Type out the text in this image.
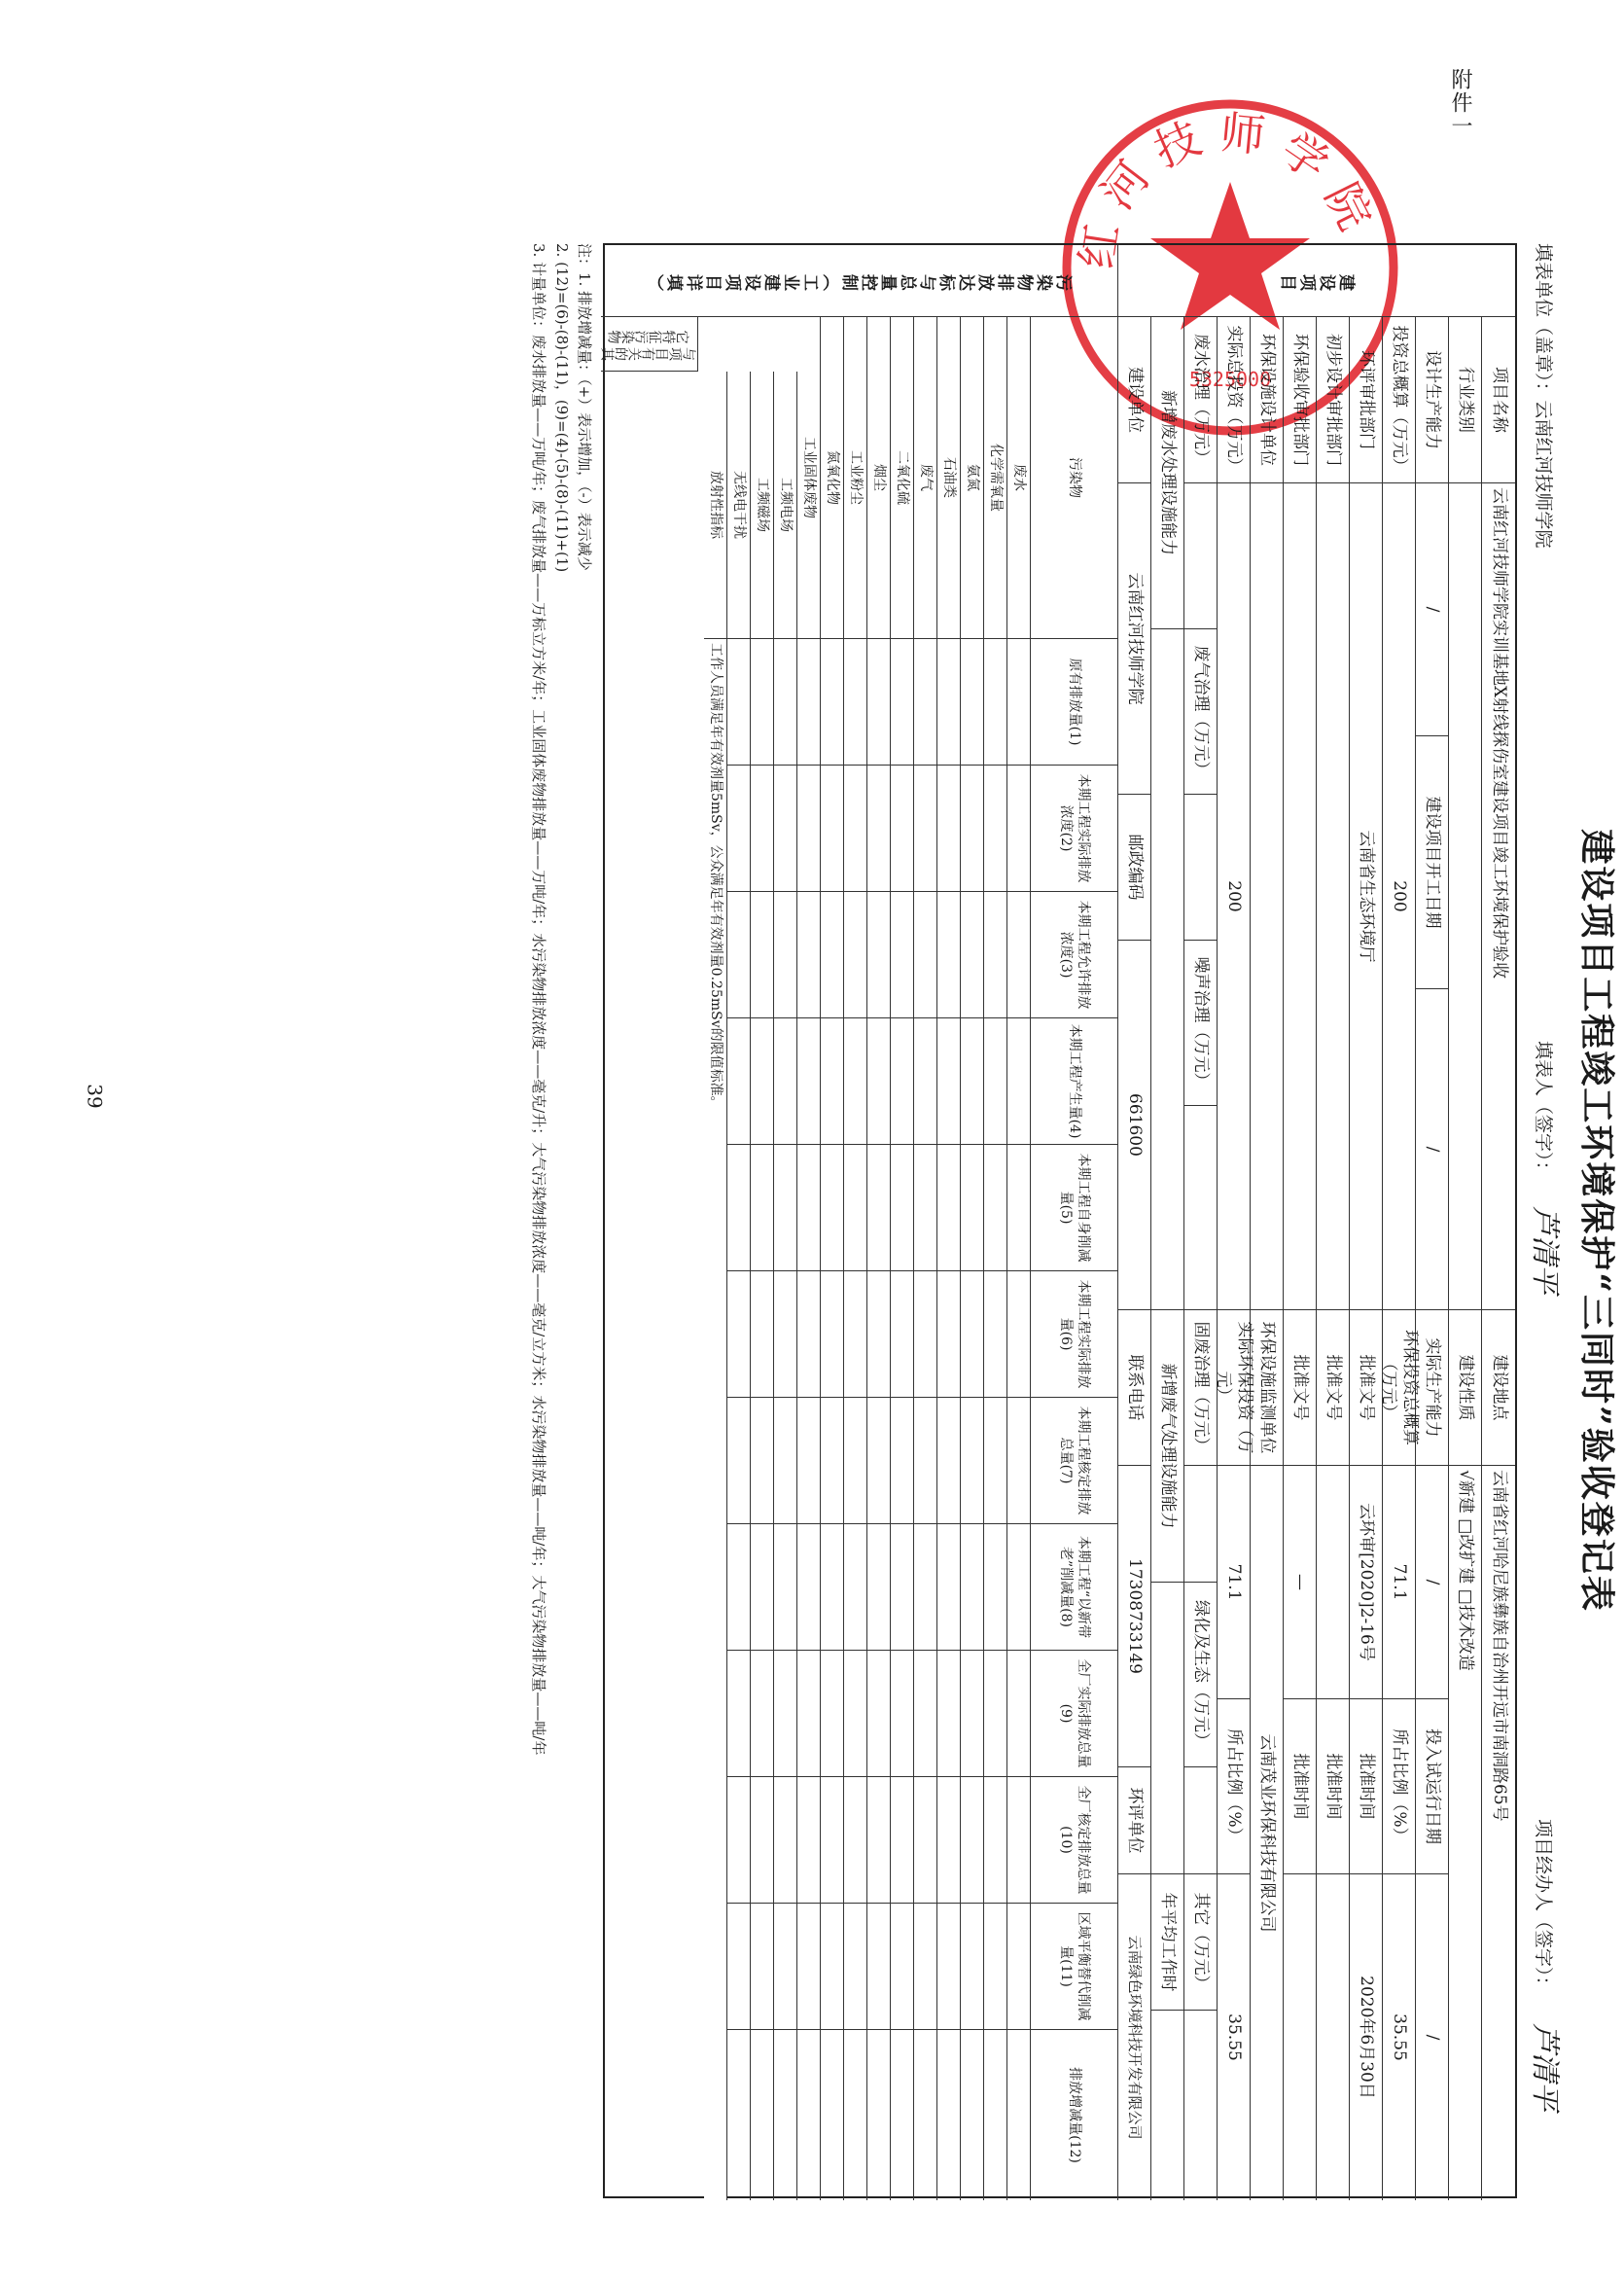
附件一
红 河 技 师 学 院
5325000
建设项目工程竣工环境保护“三同时”验收登记表
填表单位（盖章）：云南红河技师学院
填表人（签字）：
芦清平
项目经办人（签字）：
芦清平
建设项目
项目名称
云南红河技师学院实训基地X射线探伤室建设项目竣工环境保护验收
建设地点
云南省红河哈尼族彝族自治州开远市南洞路65号
行业类别
建设性质
√新建 □改扩建 □技术改造
设计生产能力
/
建设项目开工日期
/
实际生产能力
/
投入试运行日期
/
投资总概算（万元）
200
环保投资总概算（万元）
71.1
所占比例（%）
35.55
环评审批部门
云南省生态环境厅
批准文号
云环审[2020]2-16号
批准时间
2020年6月30日
初步设计审批部门
批准文号
批准时间
环保验收审批部门
批准文号
—
批准时间
环保设施设计单位
环保设施监测单位
云南茂业环保科技有限公司
实际总投资（万元）
200
实际环保投资（万元）
71.1
所占比例（%）
35.55
废水治理（万元）
废气治理（万元）
噪声治理（万元）
固废治理（万元）
绿化及生态（万元）
其它（万元）
新增废水处理设施能力
新增废气处理设施能力
年平均工作时
建设单位
云南红河技师学院
邮政编码
661600
联系电话
17308733149
环评单位
云南绿色环境科技开发有限公司
污染物排放达标与总量控制（工业建设项目详填）
污染物
原有排放量(1)
本期工程实际排放浓度(2)
本期工程允许排放浓度(3)
本期工程产生量(4)
本期工程自身削减量(5)
本期工程实际排放量(6)
本期工程核定排放总量(7)
本期工程“以新带老”削减量(8)
全厂实际排放总量(9)
全厂核定排放总量(10)
区域平衡替代削减量(11)
排放增减量(12)
与项目有关的其它特征污染物
废水
化学需氧量
氨氮
石油类
废气
二氧化硫
烟尘
工业粉尘
氮氧化物
工业固体废物
工频电场
工频磁场
无线电干扰
放射性指标
工作人员满足年有效剂量5mSv，公众满足年有效剂量0.25mSv的限值标准。
注：1. 排放增减量：（+）表示增加，（-）表示减少
2. (12)=(6)-(8)-(11)，(9)=(4)-(5)-(8)-(11)+(1)
3. 计量单位：废水排放量——万吨/年；废气排放量——万标立方米/年；工业固体废物排放量——万吨/年；水污染物排放浓度——毫克/升；大气污染物排放浓度——毫克/立方米；水污染物排放量——吨/年；大气污染物排放量——吨/年
39
